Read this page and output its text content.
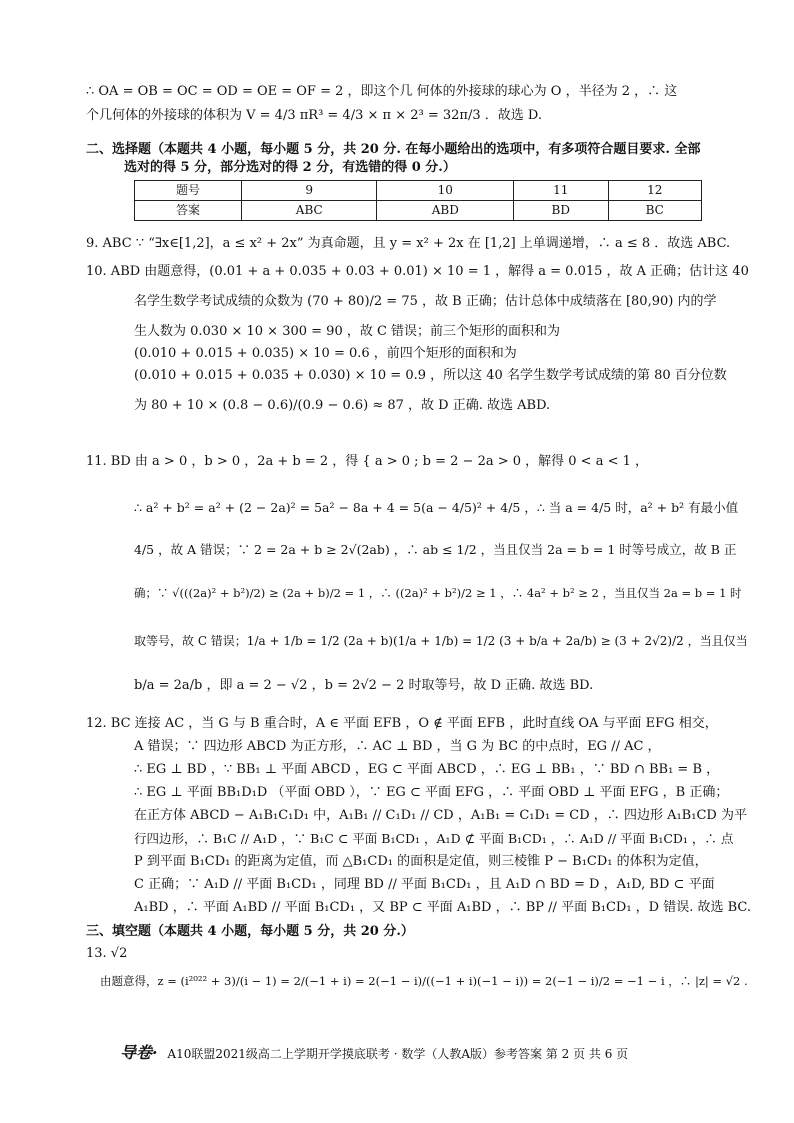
∴ OA = OB = OC = OD = OE = OF = 2 ，即这个几 何体的外接球的球心为 O ，半径为 2 ，∴ 这
个几何体的外接球的体积为 V = 4/3 πR³ = 4/3 × π × 2³ = 32π/3 ．故选 D.
二、选择题（本题共 4 小题，每小题 5 分，共 20 分. 在每小题给出的选项中，有多项符合题目要求. 全部
选对的得 5 分，部分选对的得 2 分，有选错的得 0 分.）
题号	9	10	11	12
答案	ABC	ABD	BD	BC
9. ABC ∵ “∃x∈[1,2]，a ≤ x² + 2x” 为真命题，且 y = x² + 2x 在 [1,2] 上单调递增，∴ a ≤ 8 ．故选 ABC.
10. ABD 由题意得，(0.01 + a + 0.035 + 0.03 + 0.01) × 10 = 1 ，解得 a = 0.015 ，故 A 正确；估计这 40
名学生数学考试成绩的众数为 (70 + 80)/2 = 75 ，故 B 正确；估计总体中成绩落在 [80,90) 内的学
生人数为 0.030 × 10 × 300 = 90 ，故 C 错误；前三个矩形的面积和为
(0.010 + 0.015 + 0.035) × 10 = 0.6 ，前四个矩形的面积和为
(0.010 + 0.015 + 0.035 + 0.030) × 10 = 0.9 ，所以这 40 名学生数学考试成绩的第 80 百分位数
为 80 + 10 × (0.8 − 0.6)/(0.9 − 0.6) ≈ 87 ，故 D 正确. 故选 ABD.
11. BD 由 a > 0 ，b > 0 ，2a + b = 2 ，得 { a > 0 ; b = 2 − 2a > 0 ，解得 0 < a < 1 ，
∴ a² + b² = a² + (2 − 2a)² = 5a² − 8a + 4 = 5(a − 4/5)² + 4/5 ，∴ 当 a = 4/5 时，a² + b² 有最小值
4/5 ，故 A 错误；∵ 2 = 2a + b ≥ 2√(2ab) ，∴ ab ≤ 1/2 ，当且仅当 2a = b = 1 时等号成立，故 B 正
确；∵ √(((2a)² + b²)/2) ≥ (2a + b)/2 = 1 ，∴ ((2a)² + b²)/2 ≥ 1 ，∴ 4a² + b² ≥ 2 ，当且仅当 2a = b = 1 时
取等号，故 C 错误；1/a + 1/b = 1/2 (2a + b)(1/a + 1/b) = 1/2 (3 + b/a + 2a/b) ≥ (3 + 2√2)/2 ，当且仅当
b/a = 2a/b ，即 a = 2 − √2 ，b = 2√2 − 2 时取等号，故 D 正确. 故选 BD.
12. BC 连接 AC ，当 G 与 B 重合时，A ∈ 平面 EFB ，O ∉ 平面 EFB ，此时直线 OA 与平面 EFG 相交，
A 错误；∵ 四边形 ABCD 为正方形，∴ AC ⊥ BD ，当 G 为 BC 的中点时，EG // AC ，
∴ EG ⊥ BD ，∵ BB₁ ⊥ 平面 ABCD ，EG ⊂ 平面 ABCD ，∴ EG ⊥ BB₁ ，∵ BD ∩ BB₁ = B ，
∴ EG ⊥ 平面 BB₁D₁D （平面 OBD ），∵ EG ⊂ 平面 EFG ，∴ 平面 OBD ⊥ 平面 EFG ，B 正确；
在正方体 ABCD − A₁B₁C₁D₁ 中，A₁B₁ // C₁D₁ // CD ，A₁B₁ = C₁D₁ = CD ，∴ 四边形 A₁B₁CD 为平
行四边形，∴ B₁C // A₁D ，∵ B₁C ⊂ 平面 B₁CD₁ ，A₁D ⊄ 平面 B₁CD₁ ，∴ A₁D // 平面 B₁CD₁ ，∴ 点
P 到平面 B₁CD₁ 的距离为定值，而 △B₁CD₁ 的面积是定值，则三棱锥 P − B₁CD₁ 的体积为定值，
C 正确；∵ A₁D // 平面 B₁CD₁ ，同理 BD // 平面 B₁CD₁ ，且 A₁D ∩ BD = D ，A₁D, BD ⊂ 平面
A₁BD ，∴ 平面 A₁BD // 平面 B₁CD₁ ，又 BP ⊂ 平面 A₁BD ，∴ BP // 平面 B₁CD₁ ，D 错误. 故选 BC.
三、填空题（本题共 4 小题，每小题 5 分，共 20 分.）
13. √2
由题意得，z = (i²⁰²² + 3)/(i − 1) = 2/(−1 + i) = 2(−1 − i)/((−1 + i)(−1 − i)) = 2(−1 − i)/2 = −1 − i ，∴ |z| = √2 .
导卷· A10联盟2021级高二上学期开学摸底联考 · 数学（人教A版）参考答案 第 2 页 共 6 页
